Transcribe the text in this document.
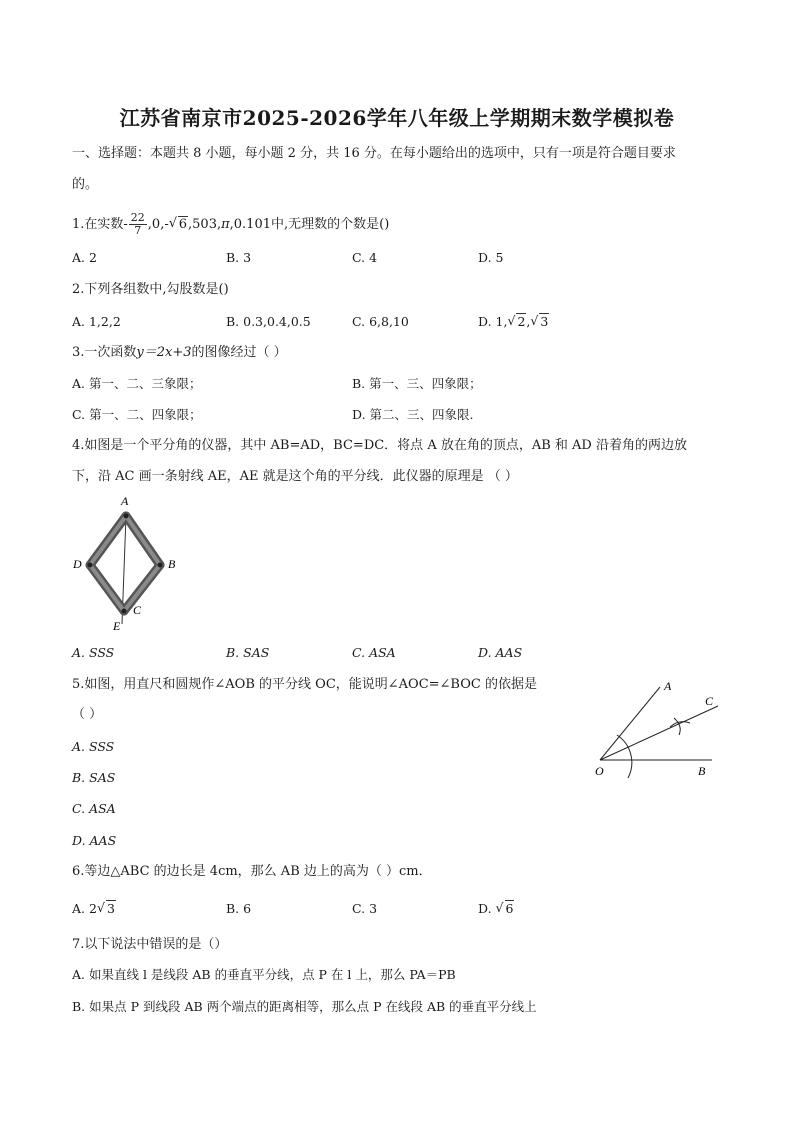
江苏省南京市2025-2026学年八年级上学期期末数学模拟卷
一、选择题：本题共 8 小题，每小题 2 分，共 16 分。在每小题给出的选项中，只有一项是符合题目要求
的。
1.在实数- $\frac{22}{7} ,0,-√$ 6,503,π,0.101中,无理数的个数是()
A. 2	B. 3	C. 4	D. 5
2.下列各组数中,勾股数是()
A. 1,2,2	B. 0.3,0.4,0.5	C. 6,8,10	D. 1,√ 2,√ 3
3.一次函数y＝2x+3的图像经过（ ）
A. 第一、二、三象限；	B. 第一、三、四象限；
C. 第一、二、四象限；	D. 第二、三、四象限.
4.如图是一个平分角的仪器，其中 AB=AD，BC=DC．将点 A 放在角的顶点，AB 和 AD 沿着角的两边放
下，沿 AC 画一条射线 AE，AE 就是这个角的平分线．此仪器的原理是 （ ）
A
B
D
C
E
A. SSS	B. SAS	C. ASA	D. AAS
5.如图，用直尺和圆规作∠AOB 的平分线 OC，能说明∠AOC=∠BOC 的依据是
（ ）
A. SSS
B. SAS
C. ASA
D. AAS
A
C
O	B
6.等边△ABC 的边长是 4cm，那么 AB 边上的高为（ ）cm．
A. 2√ 3	B. 6	C. 3	D. √ 6
7.以下说法中错误的是（）
A. 如果直线 l 是线段 AB 的垂直平分线，点 P 在 l 上，那么 PA＝PB
B. 如果点 P 到线段 AB 两个端点的距离相等，那么点 P 在线段 AB 的垂直平分线上
